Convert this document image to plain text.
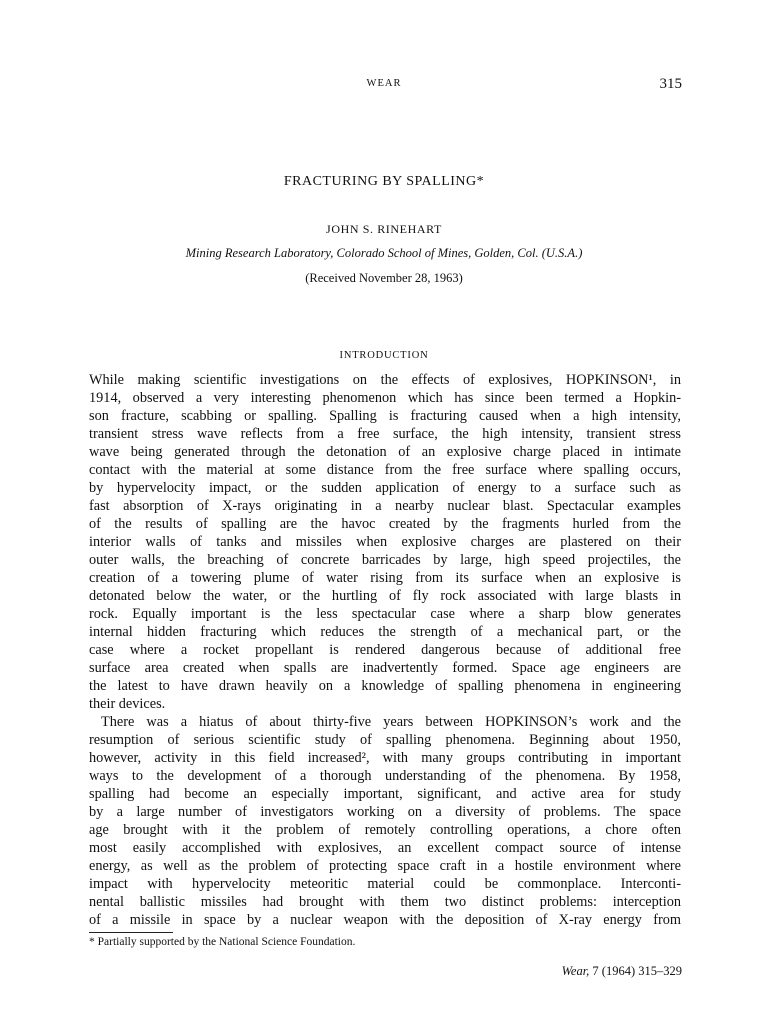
WEAR	315
FRACTURING BY SPALLING*
JOHN S. RINEHART
Mining Research Laboratory, Colorado School of Mines, Golden, Col. (U.S.A.)
(Received November 28, 1963)
INTRODUCTION
While making scientific investigations on the effects of explosives, HOPKINSON¹, in
1914, observed a very interesting phenomenon which has since been termed a Hopkin-
son fracture, scabbing or spalling. Spalling is fracturing caused when a high intensity,
transient stress wave reflects from a free surface, the high intensity, transient stress
wave being generated through the detonation of an explosive charge placed in intimate
contact with the material at some distance from the free surface where spalling occurs,
by hypervelocity impact, or the sudden application of energy to a surface such as
fast absorption of X-rays originating in a nearby nuclear blast. Spectacular examples
of the results of spalling are the havoc created by the fragments hurled from the
interior walls of tanks and missiles when explosive charges are plastered on their
outer walls, the breaching of concrete barricades by large, high speed projectiles, the
creation of a towering plume of water rising from its surface when an explosive is
detonated below the water, or the hurtling of fly rock associated with large blasts in
rock. Equally important is the less spectacular case where a sharp blow generates
internal hidden fracturing which reduces the strength of a mechanical part, or the
case where a rocket propellant is rendered dangerous because of additional free
surface area created when spalls are inadvertently formed. Space age engineers are
the latest to have drawn heavily on a knowledge of spalling phenomena in engineering
their devices.
There was a hiatus of about thirty-five years between HOPKINSON’s work and the
resumption of serious scientific study of spalling phenomena. Beginning about 1950,
however, activity in this field increased², with many groups contributing in important
ways to the development of a thorough understanding of the phenomena. By 1958,
spalling had become an especially important, significant, and active area for study
by a large number of investigators working on a diversity of problems. The space
age brought with it the problem of remotely controlling operations, a chore often
most easily accomplished with explosives, an excellent compact source of intense
energy, as well as the problem of protecting space craft in a hostile environment where
impact with hypervelocity meteoritic material could be commonplace. Interconti-
nental ballistic missiles had brought with them two distinct problems: interception
of a missile in space by a nuclear weapon with the deposition of X-ray energy from
* Partially supported by the National Science Foundation.
Wear, 7 (1964) 315–329
